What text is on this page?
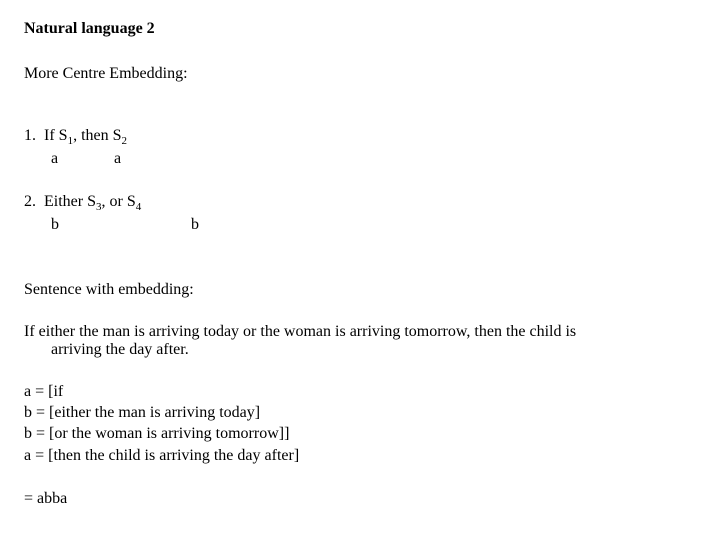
Natural language 2
More Centre Embedding:
1. If $S_1$, then $S_2$
a	a
2. Either $S_3$, or $S_4$
b	b
Sentence with embedding:
If either the man is arriving today or the woman is arriving tomorrow, then the child is
arriving the day after.
a = [if
b = [either the man is arriving today]
b = [or the woman is arriving tomorrow]]
a = [then the child is arriving the day after]
= abba
